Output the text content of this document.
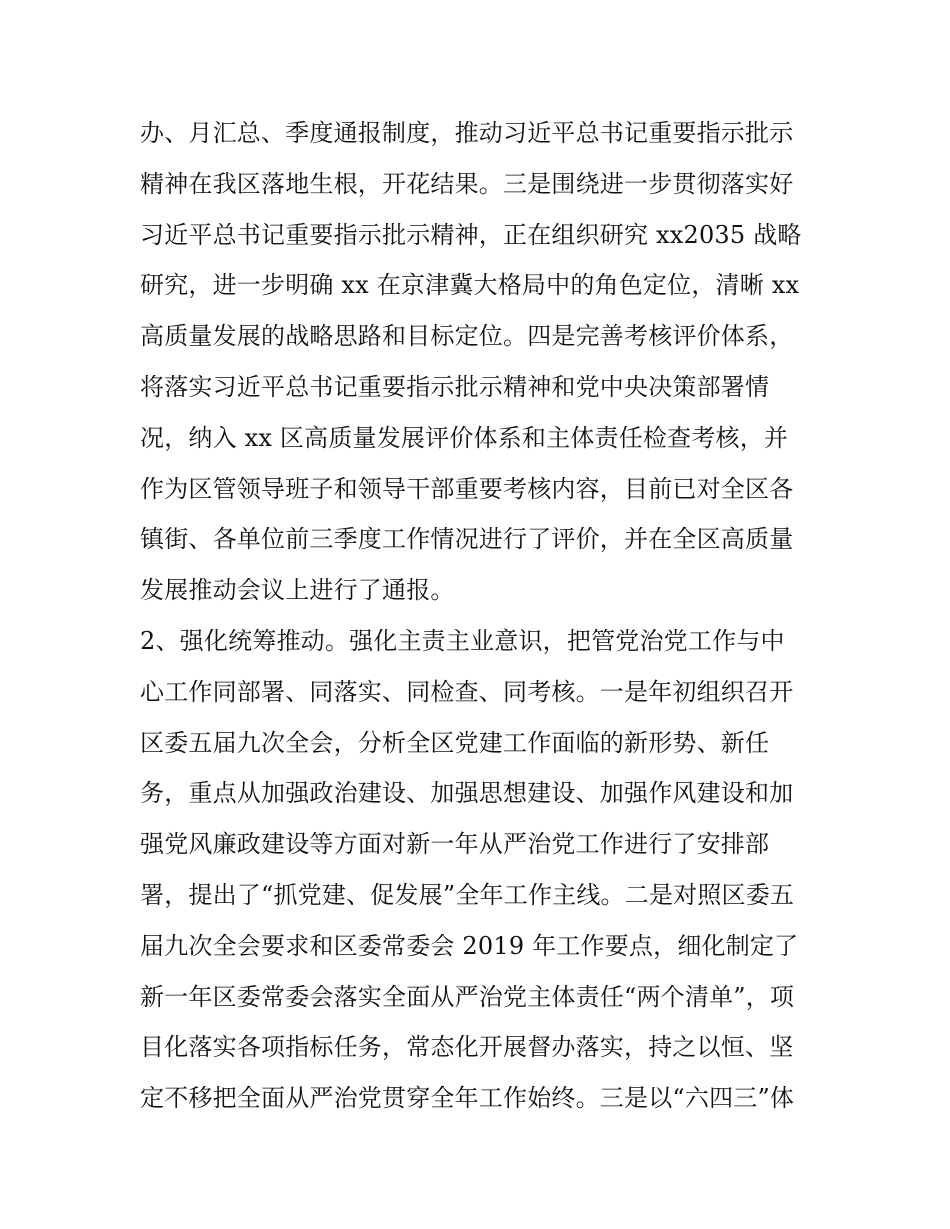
办、月汇总、季度通报制度，推动习近平总书记重要指示批示
精神在我区落地生根，开花结果。三是围绕进一步贯彻落实好
习近平总书记重要指示批示精神，正在组织研究 xx2035 战略
研究，进一步明确 xx 在京津冀大格局中的角色定位，清晰 xx
高质量发展的战略思路和目标定位。四是完善考核评价体系，
将落实习近平总书记重要指示批示精神和党中央决策部署情
况，纳入 xx 区高质量发展评价体系和主体责任检查考核，并
作为区管领导班子和领导干部重要考核内容，目前已对全区各
镇街、各单位前三季度工作情况进行了评价，并在全区高质量
发展推动会议上进行了通报。
2、强化统筹推动。强化主责主业意识，把管党治党工作与中
心工作同部署、同落实、同检查、同考核。一是年初组织召开
区委五届九次全会，分析全区党建工作面临的新形势、新任
务，重点从加强政治建设、加强思想建设、加强作风建设和加
强党风廉政建设等方面对新一年从严治党工作进行了安排部
署，提出了“抓党建、促发展”全年工作主线。二是对照区委五
届九次全会要求和区委常委会 2019 年工作要点，细化制定了
新一年区委常委会落实全面从严治党主体责任“两个清单”，项
目化落实各项指标任务，常态化开展督办落实，持之以恒、坚
定不移把全面从严治党贯穿全年工作始终。三是以“六四三”体
